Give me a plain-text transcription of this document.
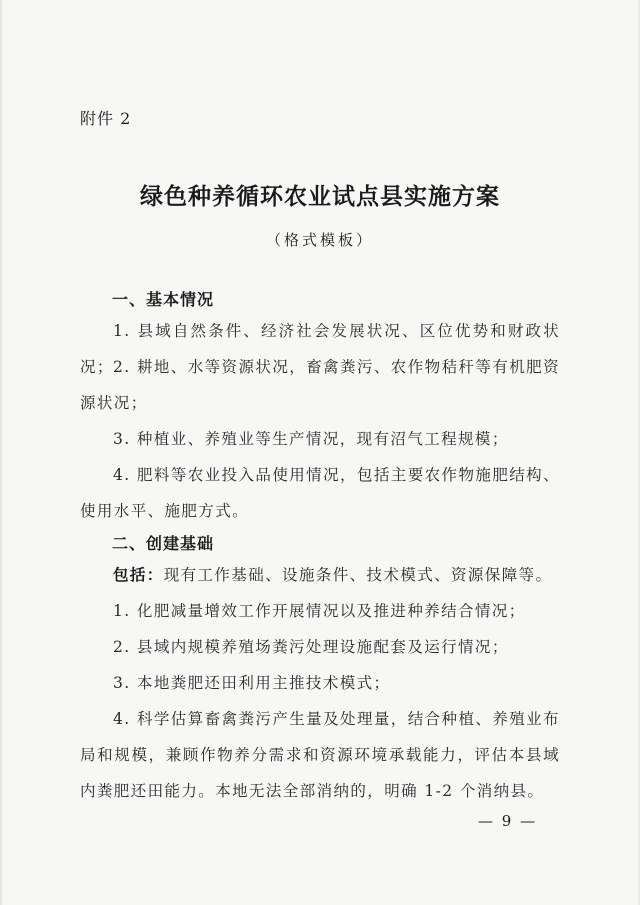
附件 2
绿色种养循环农业试点县实施方案
（格式模板）
一、基本情况
1. 县域自然条件、经济社会发展状况、区位优势和财政状况； 2. 耕地、水等资源状况，畜禽粪污、农作物秸秆等有机肥资源状况；
3. 种植业、养殖业等生产情况，现有沼气工程规模；
4. 肥料等农业投入品使用情况，包括主要农作物施肥结构、使用水平、施肥方式。
二、创建基础
包括：现有工作基础、设施条件、技术模式、资源保障等。
1. 化肥减量增效工作开展情况以及推进种养结合情况；
2. 县域内规模养殖场粪污处理设施配套及运行情况；
3. 本地粪肥还田利用主推技术模式；
4. 科学估算畜禽粪污产生量及处理量，结合种植、养殖业布局和规模，兼顾作物养分需求和资源环境承载能力，评估本县域内粪肥还田能力。本地无法全部消纳的，明确 1-2 个消纳县。
— 9 —
